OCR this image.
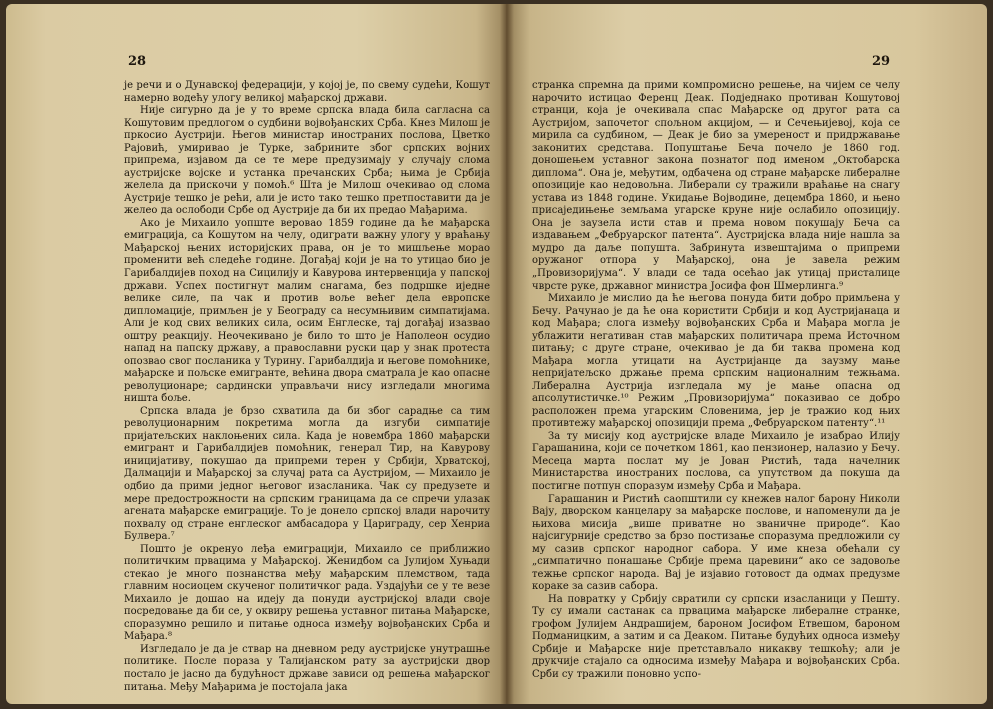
28

је речи и о Дунавској федерацији, у којој је, по свему судећи, Кошут намерно водећу улогу великој мађарској држави.

Није сигурно да је у то време српска влада била сагласна са Кошутовим предлогом о судбини војвођанских Срба. Кнез Милош је пркосио Аустрији. Његов министар иностраних послова, Цветко Рајовић, умиривао је Турке, забрините због српских војних припрема, изјавом да се те мере предузимају у случају слома аустријске војске и устанка пречанских Срба; њима је Србија желела да прискочи у помоћ.⁶ Шта је Милош очекивао од слома Аустрије тешко је рећи, али је исто тако тешко претпоставити да је желео да ослободи Србе од Аустрије да би их предао Мађарима.

Ако је Михаило уопште веровао 1859 године да ће мађарска емиграција, са Кошутом на челу, одиграти важну улогу у враћању Мађарској њених историјских права, он је то мишљење морао променити већ следеће године. Догађај који је на то утицао био је Гарибалдијев поход на Сицилију и Кавурова интервенција у папској држави. Успех постигнут малим снагама, без подршке иједне велике силе, па чак и против воље већег дела европске дипломације, примљен је у Београду са несумњивим симпатијама. Али је код свих великих сила, осим Енглеске, тај догађај изазвао оштру реакцију. Неочекивано је било то што је Наполеон осудио напад на папску државу, а православни руски цар у знак протеста опозвао свог посланика у Турину. Гарибалдија и његове помоћнике, мађарске и пољске емигранте, већина двора сматрала је као опасне револуционаре; сардински управљачи нису изгледали многима ништа боље.

Српска влада је брзо схватила да би због сарадње са тим револуционарним покретима могла да изгуби симпатије пријатељских наклоњених сила. Када је новембра 1860 мађарски емигрант и Гарибалдијев помоћник, генерал Тир, на Кавурову иницијативу, покушао да припреми терен у Србији, Хрватској, Далмацији и Мађарској за случај рата са Аустријом, — Михаило је одбио да прими једног његовог изасланика. Чак су предузете и мере предострожности на српским границама да се спречи улазак агената мађарске емиграције. То је донело српској влади нарочиту похвалу од стране енглеског амбасадора у Цариграду, сер Хенриа Булвера.⁷

Пошто је окренуо леђа емиграцији, Михаило се приближио политичким првацима у Мађарској. Женидбом са Јулијом Хуњади стекао је много познанства међу мађарским племством, тада главним носиоцем скученог политичког рада. Уздајући се у те везе Михаило је дошао на идеју да понуди аустријској влади своје посредовање да би се, у оквиру решења уставног питања Мађарске, споразумно решило и питање односа између војвођанских Срба и Мађара.⁸

Изгледало је да је ствар на дневном реду аустријске унутрашње политике. После пораза у Талијанском рату за аустријски двор постало је јасно да будућност државе зависи од решења мађарског питања. Међу Мађарима је постојала јака

29

странка спремна да прими компромисно решење, на чијем се челу нарочито истицао Ференц Деак. Подједнако противан Кошутовој странци, која је очекивала спас Мађарске од другог рата са Аустријом, започетог спољном акцијом, — и Сечењијевој, која се мирила са судбином, — Деак је био за умереност и придржавање законитих средстава. Попуштање Беча почело је 1860 год. доношењем уставног закона познатог под именом „Октобарска диплома“. Она је, међутим, одбачена од стране мађарске либералне опозиције као недовољна. Либерали су тражили враћање на снагу устава из 1848 године. Укидање Војводине, децембра 1860, и њено присаједињење земљама угарске круне није ослабило опозицију. Она је заузела исти став и према новом покушају Беча са издавањем „Фебруарског патента“. Аустријска влада није нашла за мудро да даље попушта. Забринута извештајима о припреми оружаног отпора у Мађарској, она је завела режим „Провизоријума“. У влади се тада осећао јак утицај присталице чврсте руке, државног министра Јосифа фон Шмерлинга.⁹

Михаило је мислио да ће његова понуда бити добро примљена у Бечу. Рачунао је да ће она користити Србији и код Аустријанаца и код Мађара; слога између војвођанских Срба и Мађара могла је ублажити негативан став мађарских политичара према Источном питању; с друге стране, очекивао је да би таква промена код Мађара могла утицати на Аустријанце да заузму мање непријатељско држање према српским националним тежњама. Либерална Аустрија изгледала му је мање опасна од апсолутистичке.¹⁰ Режим „Провизоријума“ показивао се добро расположен према угарским Словенима, јер је тражио код њих противтежу мађарској опозицији према „Фебруарском патенту“.¹¹

За ту мисију код аустријске владе Михаило је изабрао Илију Гарашанина, који се почетком 1861, као пензионер, налазио у Бечу. Месеца марта послат му је Јован Ристић, тада начелник Министарства иностраних послова, са упутством да покуша да постигне потпун споразум између Срба и Мађара.

Гарашанин и Ристић саопштили су кнежев налог барону Николи Вају, дворском канцелару за мађарске послове, и напоменули да је њихова мисија „више приватне но званичне природе“. Као најсигурније средство за брзо постизање споразума предложили су му сазив српског народног сабора. У име кнеза обећали су „симпатично понашање Србије према царевини“ ако се задовоље тежње српског народа. Вај је изјавио готовост да одмах предузме кораке за сазив сабора.

На повратку у Србију свратили су српски изасланици у Пешту. Ту су имали састанак са првацима мађарске либералне странке, грофом Јулијем Андрашијем, бароном Јосифом Етвешом, бароном Подманицким, а затим и са Деаком. Питање будућих односа између Србије и Мађарске није претстављало никакву тешкоћу; али је друкчије стајало са односима између Мађара и војвођанских Срба. Срби су тражили поновно успо-
